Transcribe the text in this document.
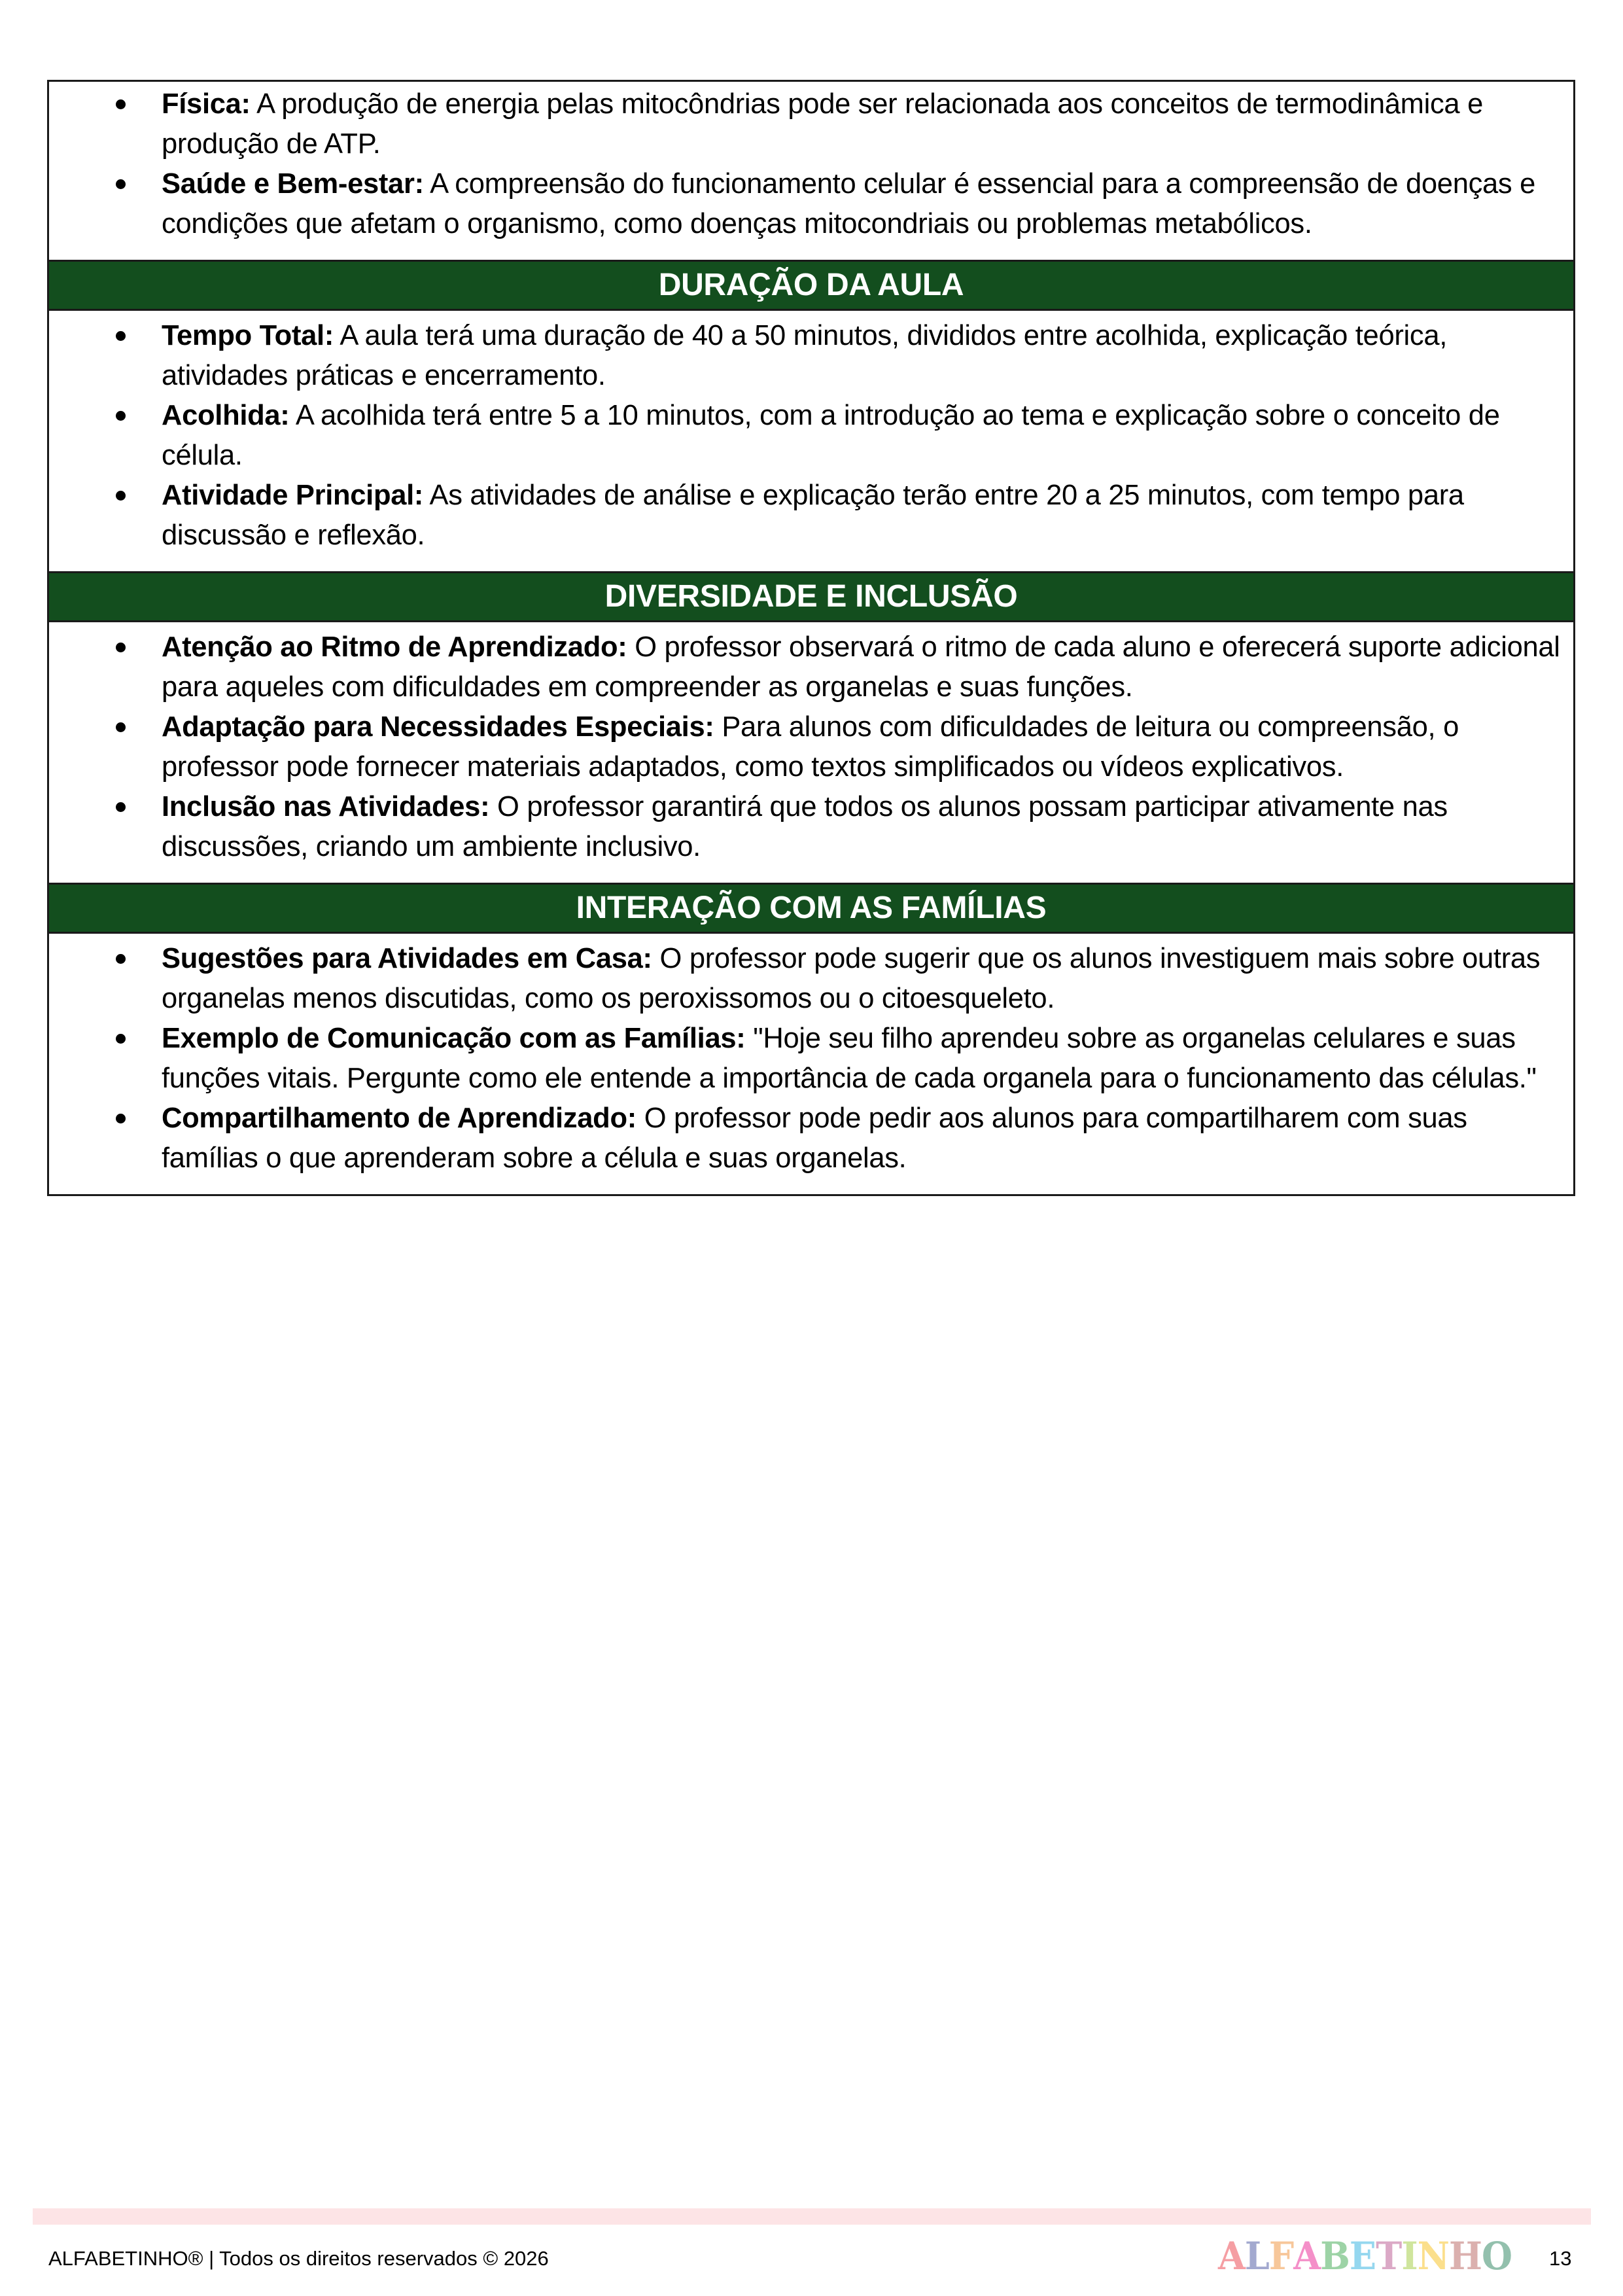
Física: A produção de energia pelas mitocôndrias pode ser relacionada aos conceitos de termodinâmica e produção de ATP.
Saúde e Bem-estar: A compreensão do funcionamento celular é essencial para a compreensão de doenças e condições que afetam o organismo, como doenças mitocondriais ou problemas metabólicos.
DURAÇÃO DA AULA
Tempo Total: A aula terá uma duração de 40 a 50 minutos, divididos entre acolhida, explicação teórica, atividades práticas e encerramento.
Acolhida: A acolhida terá entre 5 a 10 minutos, com a introdução ao tema e explicação sobre o conceito de célula.
Atividade Principal: As atividades de análise e explicação terão entre 20 a 25 minutos, com tempo para discussão e reflexão.
DIVERSIDADE E INCLUSÃO
Atenção ao Ritmo de Aprendizado: O professor observará o ritmo de cada aluno e oferecerá suporte adicional para aqueles com dificuldades em compreender as organelas e suas funções.
Adaptação para Necessidades Especiais: Para alunos com dificuldades de leitura ou compreensão, o professor pode fornecer materiais adaptados, como textos simplificados ou vídeos explicativos.
Inclusão nas Atividades: O professor garantirá que todos os alunos possam participar ativamente nas discussões, criando um ambiente inclusivo.
INTERAÇÃO COM AS FAMÍLIAS
Sugestões para Atividades em Casa: O professor pode sugerir que os alunos investiguem mais sobre outras organelas menos discutidas, como os peroxissomos ou o citoesqueleto.
Exemplo de Comunicação com as Famílias: "Hoje seu filho aprendeu sobre as organelas celulares e suas funções vitais. Pergunte como ele entende a importância de cada organela para o funcionamento das células."
Compartilhamento de Aprendizado: O professor pode pedir aos alunos para compartilharem com suas famílias o que aprenderam sobre a célula e suas organelas.
ALFABETINHO® | Todos os direitos reservados © 2026	ALFABETINHO 13
